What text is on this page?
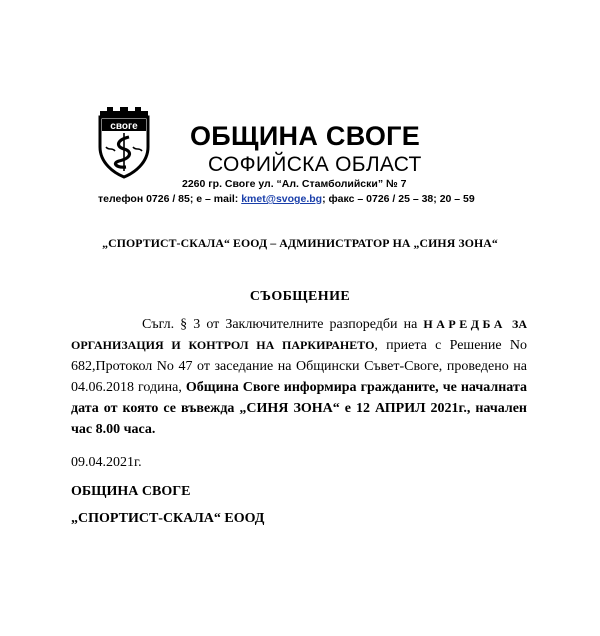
свогe ОБЩИНА СВОГЕ
СОФИЙСКА ОБЛАСТ
2260 гр. Своге ул. “Ал. Стамболийски” № 7
телефон 0726 / 85; е – mail: kmet@svoge.bg; факс – 0726 / 25 – 38; 20 – 59
„СПОРТИСТ-СКАЛА“ ЕООД – АДМИНИСТРАТОР НА „СИНЯ ЗОНА“
СЪОБЩЕНИЕ
Съгл. § 3 от Заключителните разпоредби на НАРЕДБА ЗА ОРГАНИЗАЦИЯ И КОНТРОЛ НА ПАРКИРАНЕТО, приета с Решение No 682,Протокол No 47 от заседание на Общински Съвет-Своге, проведено на 04.06.2018 година, Община Своге информира гражданите, че началната дата от която се въвежда „СИНЯ ЗОНА“ е 12 АПРИЛ 2021г., начален час 8.00 часа.
09.04.2021г.
ОБЩИНА СВОГЕ
„СПОРТИСТ-СКАЛА“ ЕООД
